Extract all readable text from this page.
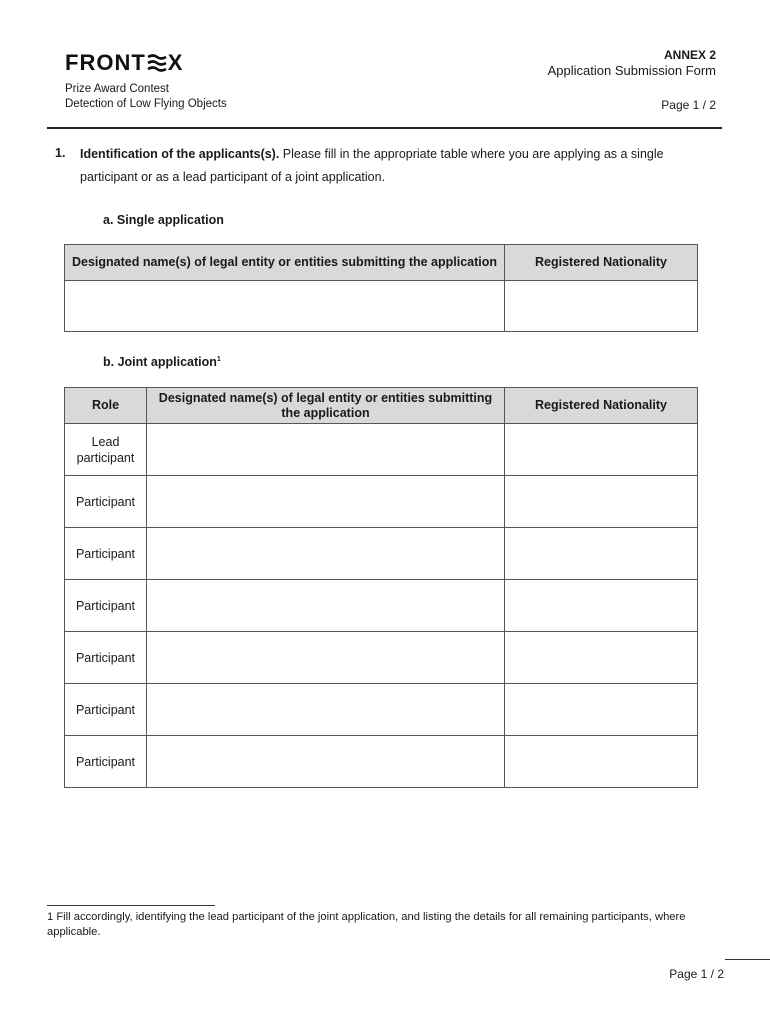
FRONT X
Prize Award Contest
Detection of Low Flying Objects
ANNEX 2
Application Submission Form
Page 1 / 2
1. Identification of the applicants(s). Please fill in the appropriate table where you are applying as a single participant or as a lead participant of a joint application.
a. Single application
Designated name(s) of legal entity or entities submitting the application	Registered Nationality

b. Joint application$^1$
Role	Designated name(s) of legal entity or entities submitting the application	Registered Nationality
Lead participant		
Participant		
Participant		
Participant		
Participant		
Participant		
Participant		
1 Fill accordingly, identifying the lead participant of the joint application, and listing the details for all remaining participants, where applicable.
Page 1 / 2
